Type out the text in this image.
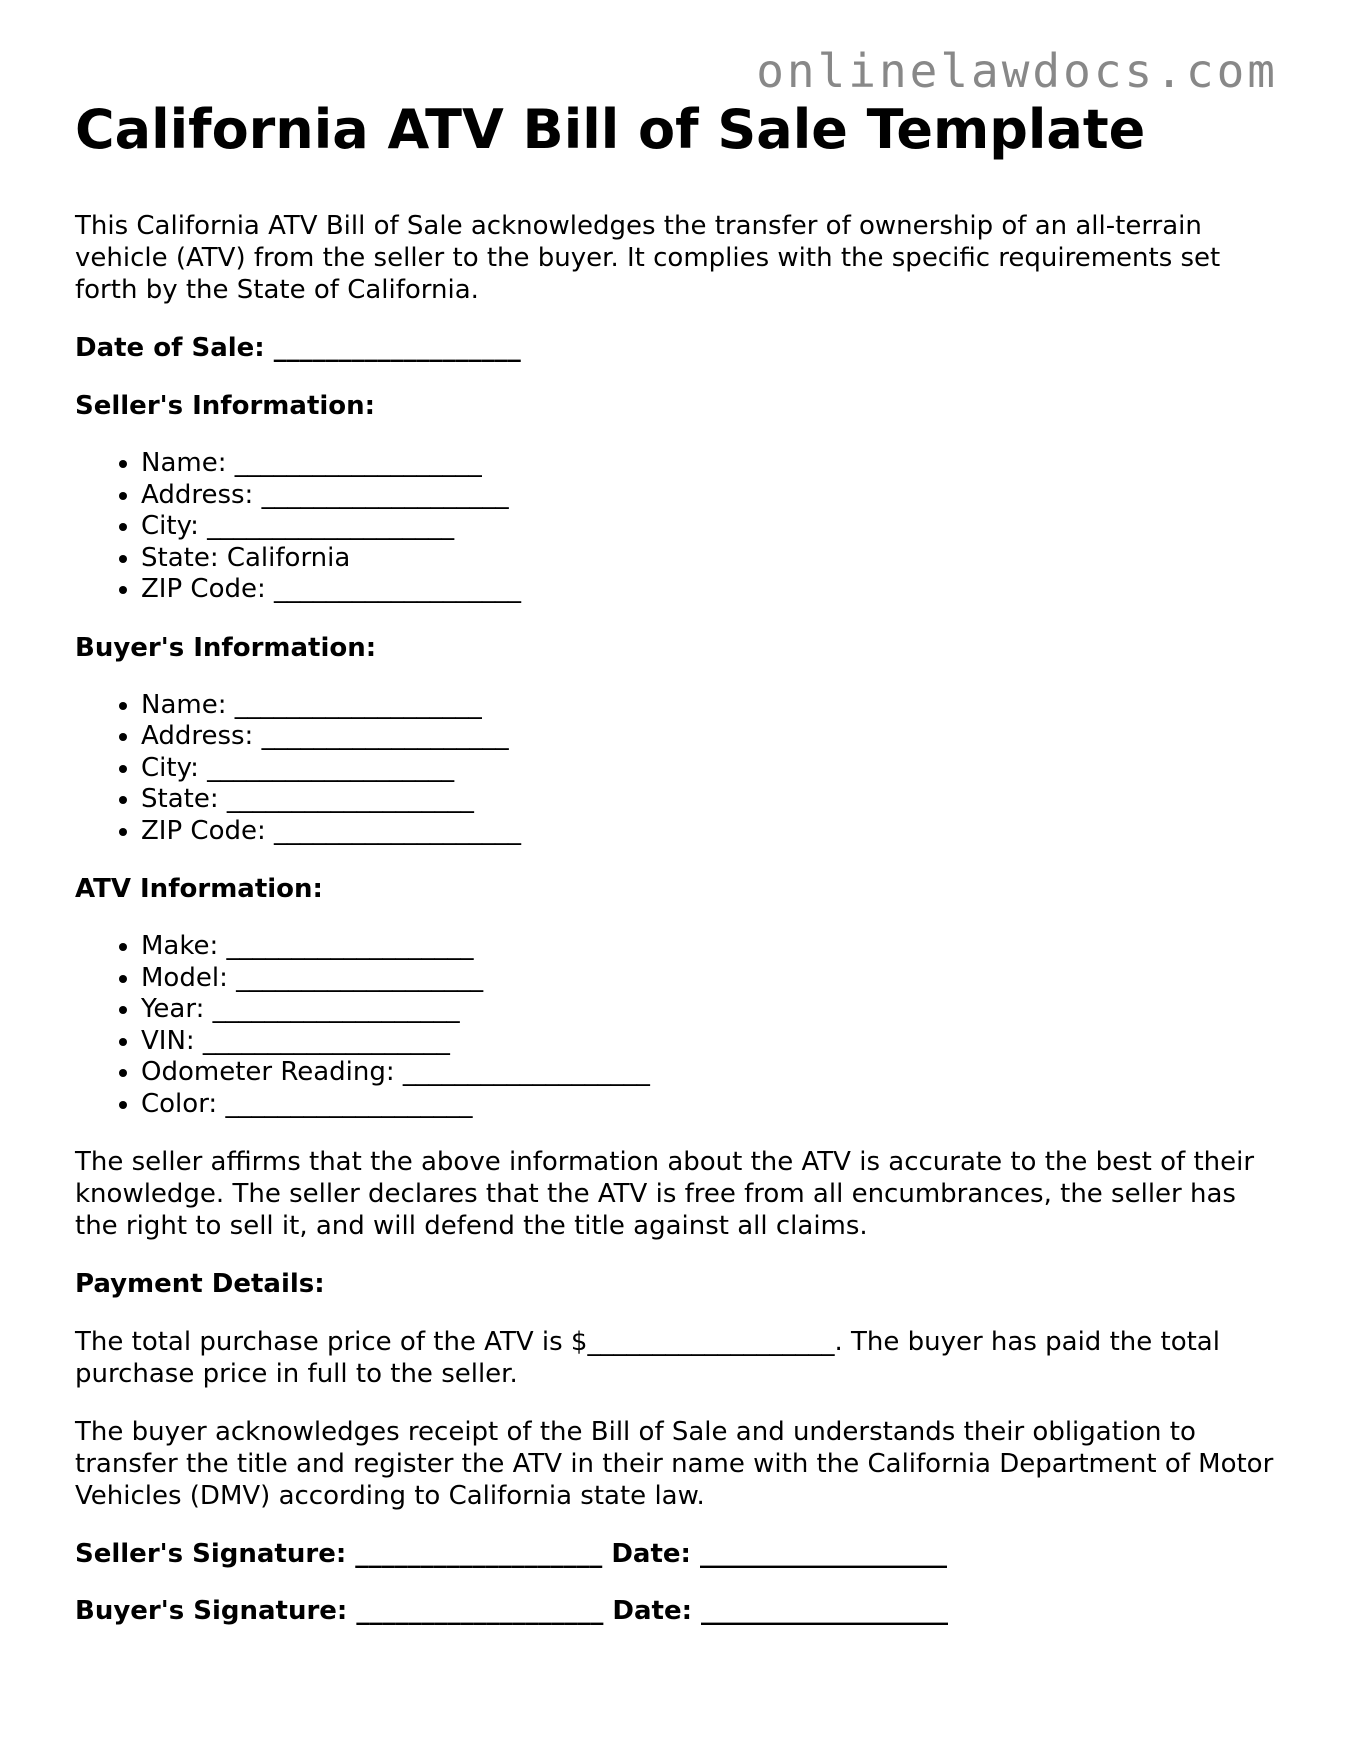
onlinelawdocs.com
California ATV Bill of Sale Template

This California ATV Bill of Sale acknowledges the transfer of ownership of an all-terrain vehicle (ATV) from the seller to the buyer. It complies with the specific requirements set forth by the State of California.

Date of Sale: ___________________

Seller's Information:

• Name: ___________________
• Address: ___________________
• City: ___________________
• State: California
• ZIP Code: ___________________

Buyer's Information:

• Name: ___________________
• Address: ___________________
• City: ___________________
• State: ___________________
• ZIP Code: ___________________

ATV Information:

• Make: ___________________
• Model: ___________________
• Year: ___________________
• VIN: ___________________
• Odometer Reading: ___________________
• Color: ___________________

The seller affirms that the above information about the ATV is accurate to the best of their knowledge. The seller declares that the ATV is free from all encumbrances, the seller has the right to sell it, and will defend the title against all claims.

Payment Details:

The total purchase price of the ATV is $___________________. The buyer has paid the total purchase price in full to the seller.

The buyer acknowledges receipt of the Bill of Sale and understands their obligation to transfer the title and register the ATV in their name with the California Department of Motor Vehicles (DMV) according to California state law.

Seller's Signature: ___________________ Date: ___________________

Buyer's Signature: ___________________ Date: ___________________
